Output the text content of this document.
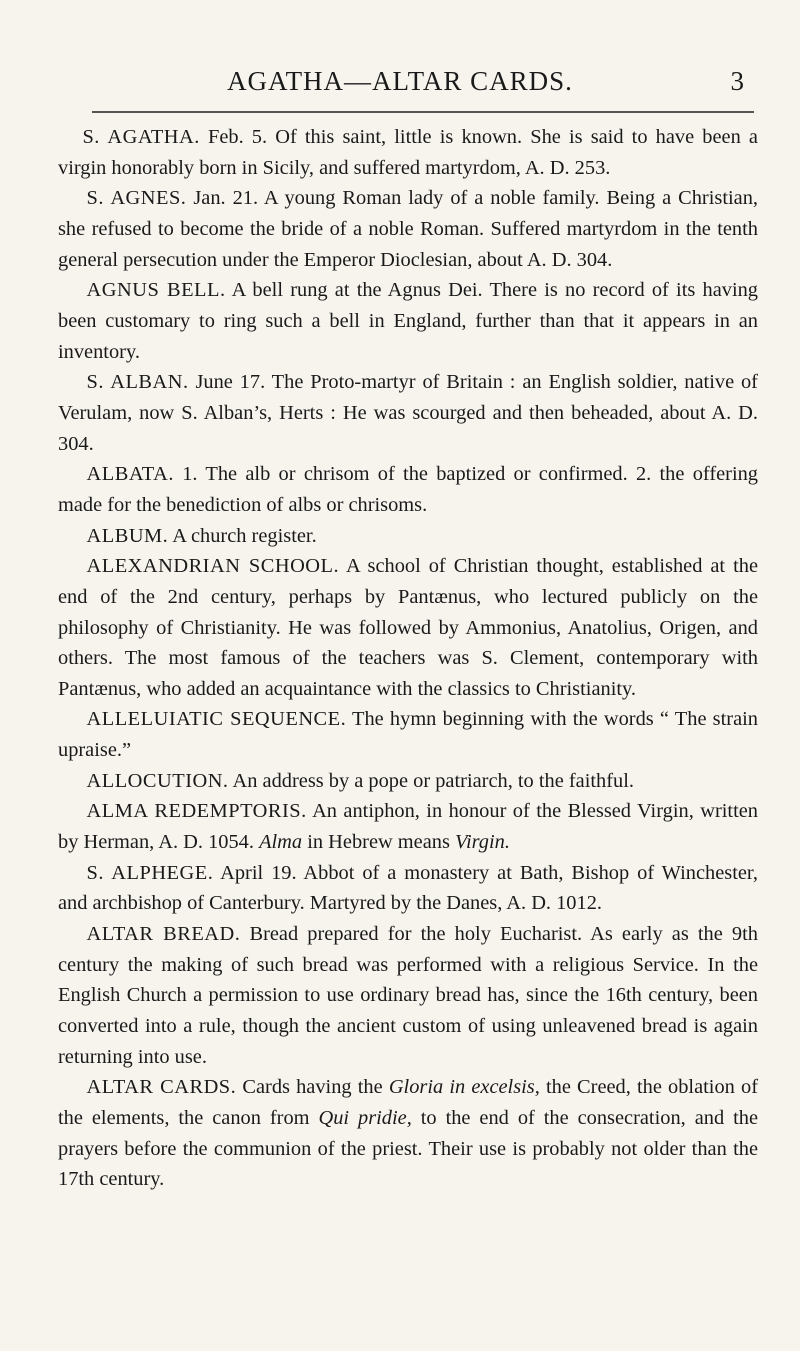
AGATHA—ALTAR CARDS.	3

S. AGATHA. Feb. 5. Of this saint, little is known. She is said to have been a virgin honorably born in Sicily, and suffered martyrdom, A. D. 253.

S. AGNES. Jan. 21. A young Roman lady of a noble family. Being a Christian, she refused to become the bride of a noble Roman. Suffered martyrdom in the tenth general persecution under the Emperor Dioclesian, about A. D. 304.

AGNUS BELL. A bell rung at the Agnus Dei. There is no record of its having been customary to ring such a bell in England, further than that it appears in an inventory.

S. ALBAN. June 17. The Proto-martyr of Britain : an English soldier, native of Verulam, now S. Alban’s, Herts : He was scourged and then beheaded, about A. D. 304.

ALBATA. 1. The alb or chrisom of the baptized or confirmed. 2. the offering made for the benediction of albs or chrisoms.

ALBUM. A church register.

ALEXANDRIAN SCHOOL. A school of Christian thought, established at the end of the 2nd century, perhaps by Pantænus, who lectured publicly on the philosophy of Christianity. He was followed by Ammonius, Anatolius, Origen, and others. The most famous of the teachers was S. Clement, contemporary with Pantænus, who added an acquaintance with the classics to Christianity.

ALLELUIATIC SEQUENCE. The hymn beginning with the words “ The strain upraise.”

ALLOCUTION. An address by a pope or patriarch, to the faithful.

ALMA REDEMPTORIS. An antiphon, in honour of the Blessed Virgin, written by Herman, A. D. 1054. Alma in Hebrew means Virgin.

S. ALPHEGE. April 19. Abbot of a monastery at Bath, Bishop of Winchester, and archbishop of Canterbury. Martyred by the Danes, A. D. 1012.

ALTAR BREAD. Bread prepared for the holy Eucharist. As early as the 9th century the making of such bread was performed with a religious Service. In the English Church a permission to use ordinary bread has, since the 16th century, been converted into a rule, though the ancient custom of using unleavened bread is again returning into use.

ALTAR CARDS. Cards having the Gloria in excelsis, the Creed, the oblation of the elements, the canon from Qui pridie, to the end of the consecration, and the prayers before the communion of the priest. Their use is probably not older than the 17th century.
